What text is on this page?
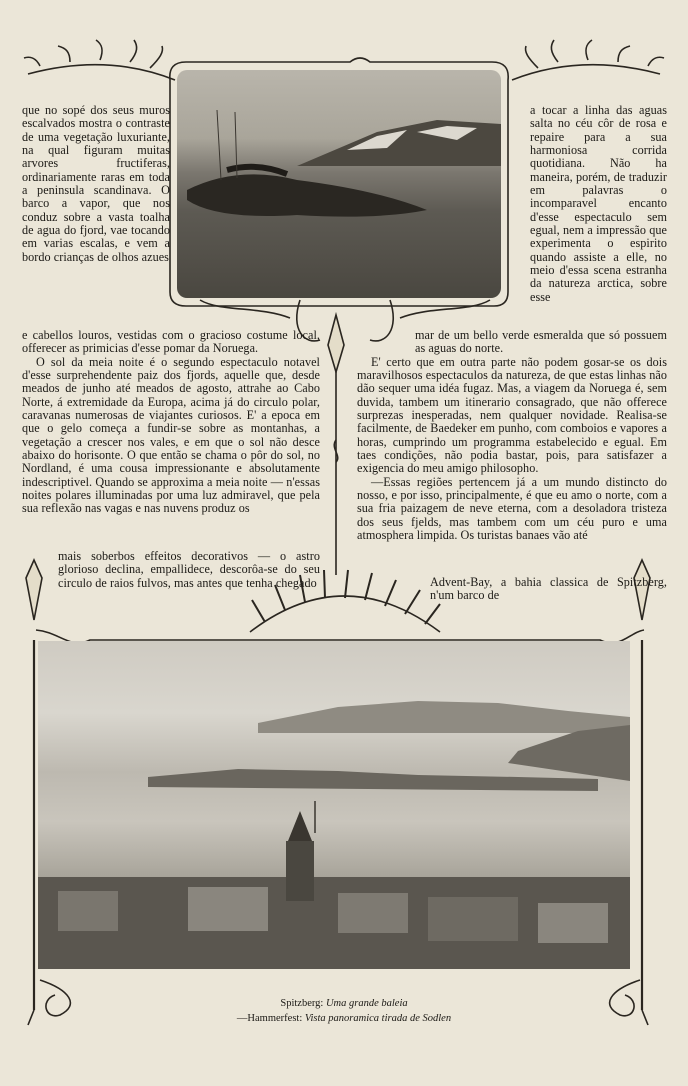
que no sopé dos seus muros escalvados mostra o contraste de uma vegetação luxuriante, na qual figuram muitas arvores fructiferas, ordinariamente raras em toda a peninsula scandinava. O barco a vapor, que nos conduz sobre a vasta toalha de agua do fjord, vae tocando em varias escalas, e vem a bordo crianças de olhos azues

e cabellos louros, vestidas com o gracioso costume local, offerecer as primicias d'esse pomar da Noruega.

O sol da meia noite é o segundo espectaculo notavel d'esse surprehendente paiz dos fjords, aquelle que, desde meados de junho até meados de agosto, attrahe ao Cabo Norte, á extremidade da Europa, acima já do circulo polar, caravanas numerosas de viajantes curiosos. E' a epoca em que o gelo começa a fundir-se sobre as montanhas, a vegetação a crescer nos vales, e em que o sol não desce abaixo do horisonte. O que então se chama o pôr do sol, no Nordland, é uma cousa impressionante e absolutamente indescriptivel. Quando se approxima a meia noite — n'essas noites polares illuminadas por uma luz admiravel, que pela sua reflexão nas vagas e nas nuvens produz os

mais soberbos effeitos decorativos — o astro glorioso declina, empallidece, descorôa-se do seu circulo de raios fulvos, mas antes que tenha chegado

a tocar a linha das aguas salta no céu côr de rosa e repaire para a sua harmoniosa corrida quotidiana. Não ha maneira, porém, de traduzir em palavras o incomparavel encanto d'esse espectaculo sem egual, nem a impressão que experimenta o espirito quando assiste a elle, no meio d'essa scena estranha da natureza arctica, sobre esse

mar de um bello verde esmeralda que só possuem as aguas do norte.

E' certo que em outra parte não podem gosar-se os dois maravilhosos espectaculos da natureza, de que estas linhas não dão sequer uma idéa fugaz. Mas, a viagem da Noruega é, sem duvida, tambem um itinerario consagrado, que não offerece surprezas inesperadas, nem qualquer novidade. Realisa-se facilmente, de Baedeker em punho, com comboios e vapores a horas, cumprindo um programma estabelecido e egual. Em taes condições, não podia bastar, pois, para satisfazer a exigencia do meu amigo philosopho.

—Essas regiões pertencem já a um mundo distincto do nosso, e por isso, principalmente, é que eu amo o norte, com a sua fria paizagem de neve eterna, com a desoladora tristeza dos seus fjelds, mas tambem com um céu puro e uma atmosphera limpida. Os turistas banaes vão até

Advent-Bay, a bahia classica de Spitzberg, n'um barco de

Spitzberg: Uma grande baleia
—Hammerfest: Vista panoramica tirada de Sodlen
